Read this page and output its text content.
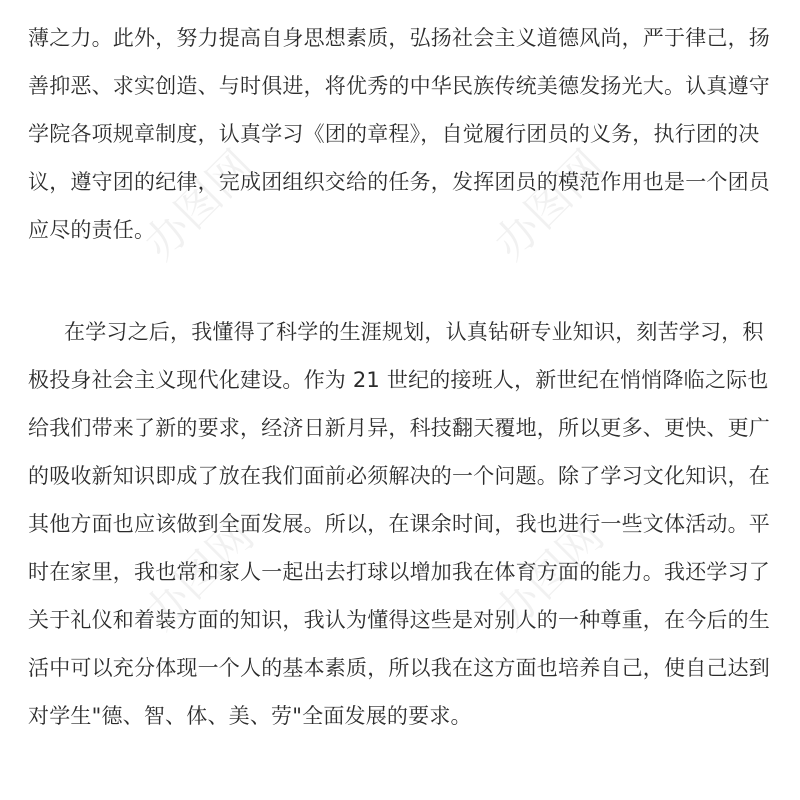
办图网	办图网
办图网	办图网
薄之力。此外，努力提高自身思想素质，弘扬社会主义道德风尚，严于律己，扬
善抑恶、求实创造、与时俱进，将优秀的中华民族传统美德发扬光大。认真遵守
学院各项规章制度，认真学习《团的章程》，自觉履行团员的义务，执行团的决
议，遵守团的纪律，完成团组织交给的任务，发挥团员的模范作用也是一个团员
应尽的责任。
在学习之后，我懂得了科学的生涯规划，认真钻研专业知识，刻苦学习，积
极投身社会主义现代化建设。作为 21 世纪的接班人，新世纪在悄悄降临之际也
给我们带来了新的要求，经济日新月异，科技翻天覆地，所以更多、更快、更广
的吸收新知识即成了放在我们面前必须解决的一个问题。除了学习文化知识，在
其他方面也应该做到全面发展。所以，在课余时间，我也进行一些文体活动。平
时在家里，我也常和家人一起出去打球以增加我在体育方面的能力。我还学习了
关于礼仪和着装方面的知识，我认为懂得这些是对别人的一种尊重，在今后的生
活中可以充分体现一个人的基本素质，所以我在这方面也培养自己，使自己达到
对学生"德、智、体、美、劳"全面发展的要求。
